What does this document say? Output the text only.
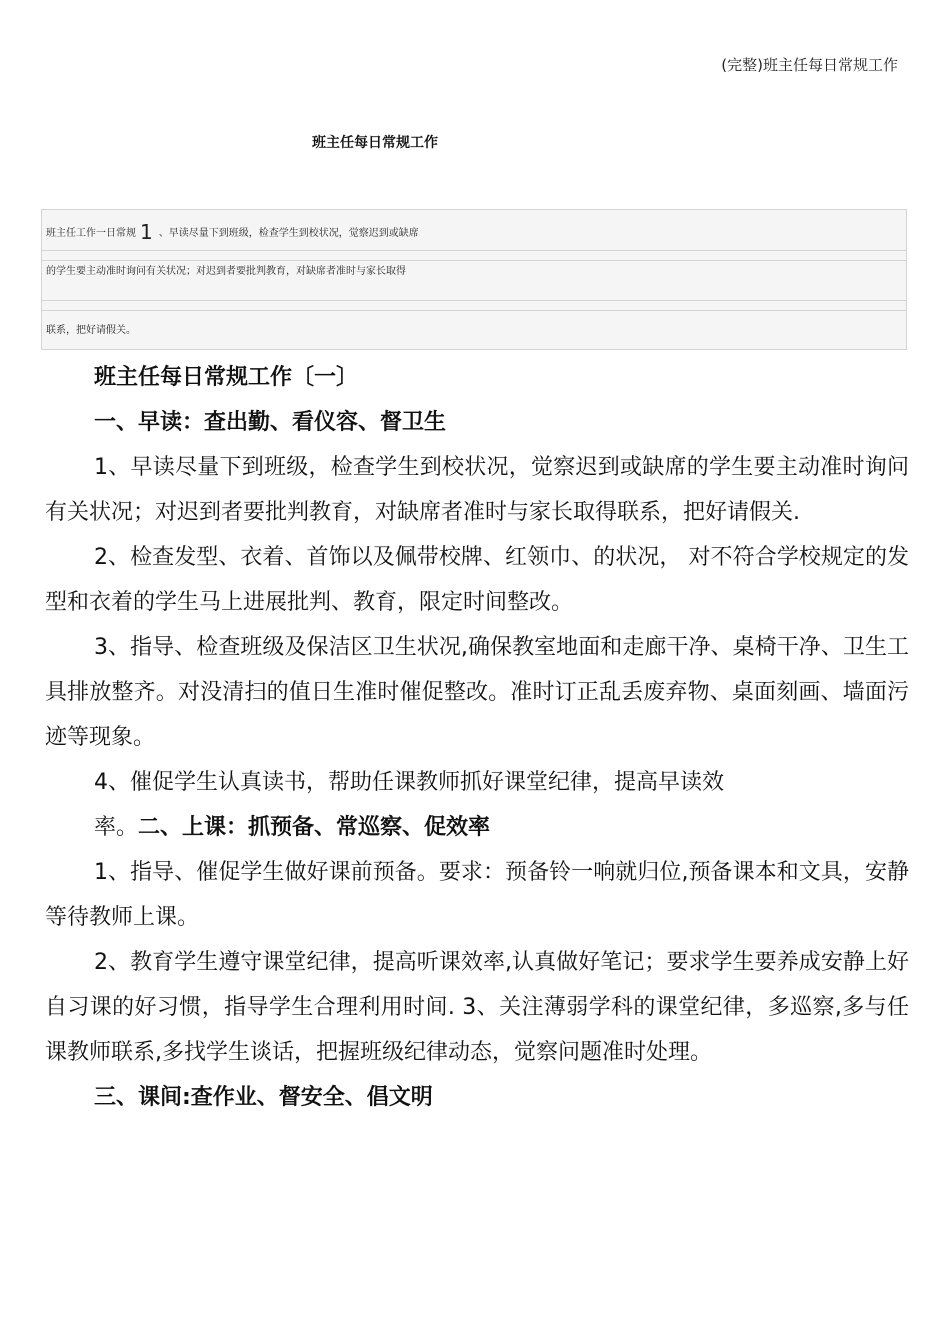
(完整)班主任每日常规工作
班主任每日常规工作
班主任工作一日常规 1 、早读尽量下到班级，检查学生到校状况，觉察迟到或缺席
的学生要主动准时询问有关状况；对迟到者要批判教育，对缺席者准时与家长取得
联系，把好请假关。

班主任每日常规工作〔一〕

一、早读：查出勤、看仪容、督卫生

1、早读尽量下到班级，检查学生到校状况，觉察迟到或缺席的学生要主动准时询问有关状况；对迟到者要批判教育，对缺席者准时与家长取得联系，把好请假关.

2、检查发型、衣着、首饰以及佩带校牌、红领巾、的状况， 对不符合学校规定的发型和衣着的学生马上进展批判、教育，限定时间整改。

3、指导、检查班级及保洁区卫生状况,确保教室地面和走廊干净、桌椅干净、卫生工具排放整齐。对没清扫的值日生准时催促整改。准时订正乱丢废弃物、桌面刻画、墙面污迹等现象。

4、催促学生认真读书，帮助任课教师抓好课堂纪律，提高早读效

率。二、上课：抓预备、常巡察、促效率

1、指导、催促学生做好课前预备。要求：预备铃一响就归位,预备课本和文具，安静等待教师上课。

2、教育学生遵守课堂纪律，提高听课效率,认真做好笔记；要求学生要养成安静上好自习课的好习惯，指导学生合理利用时间. 3、关注薄弱学科的课堂纪律，多巡察,多与任课教师联系,多找学生谈话，把握班级纪律动态，觉察问题准时处理。

三、课间:查作业、督安全、倡文明
